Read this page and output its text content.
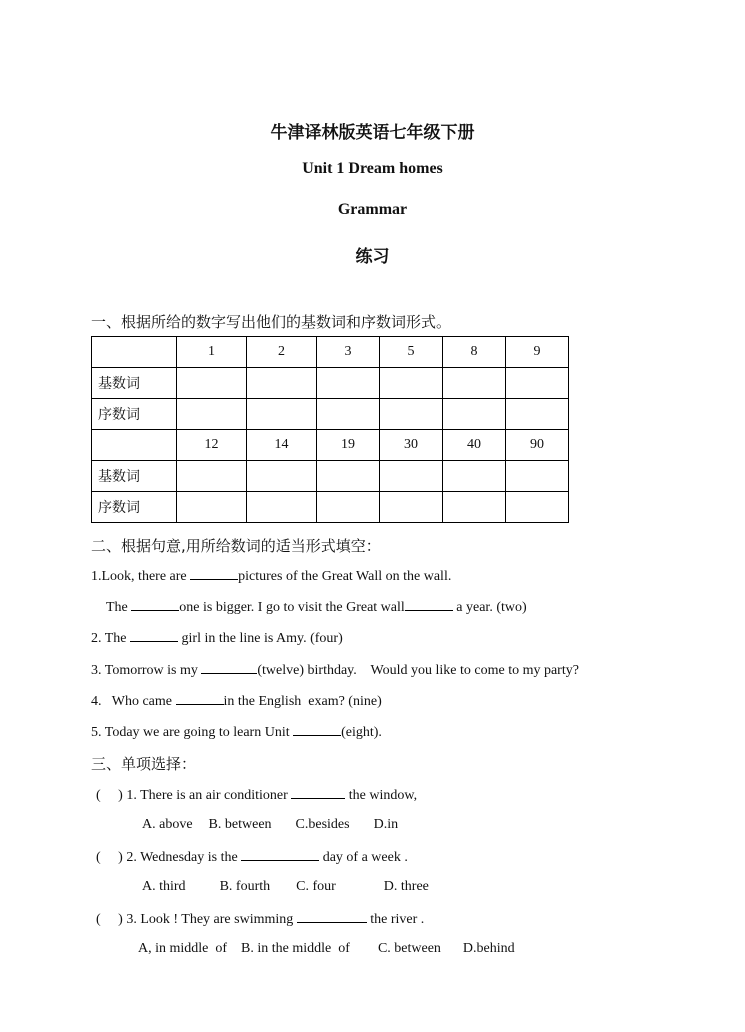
牛津译林版英语七年级下册
Unit 1 Dream homes
Grammar
练习
一、根据所给的数字写出他们的基数词和序数词形式。
	1	2	3	5	8	9
基数词						
序数词						
	12	14	19	30	40	90
基数词						
序数词						
二、根据句意,用所给数词的适当形式填空：
1.Look, there are	pictures of the Great Wall on the wall.
The	one is bigger. I go to visit the Great wall	a year. (two)
2. The	girl in the line is Amy. (four)
3. Tomorrow is my	(twelve) birthday.    Would you like to come to my party?
4.   Who came	in the English  exam? (nine)
5. Today we are going to learn Unit	(eight).
三、单项选择：
(     ) 1. There is an air conditioner	the window,
A. above B. between C.besides D.in
(     ) 2. Wednesday is the	day of a week .
A. third B. fourth C. four	D. three
(     ) 3. Look ! They are swimming	the river .
A, in middle  of B. in the middle  of C. between D.behind
